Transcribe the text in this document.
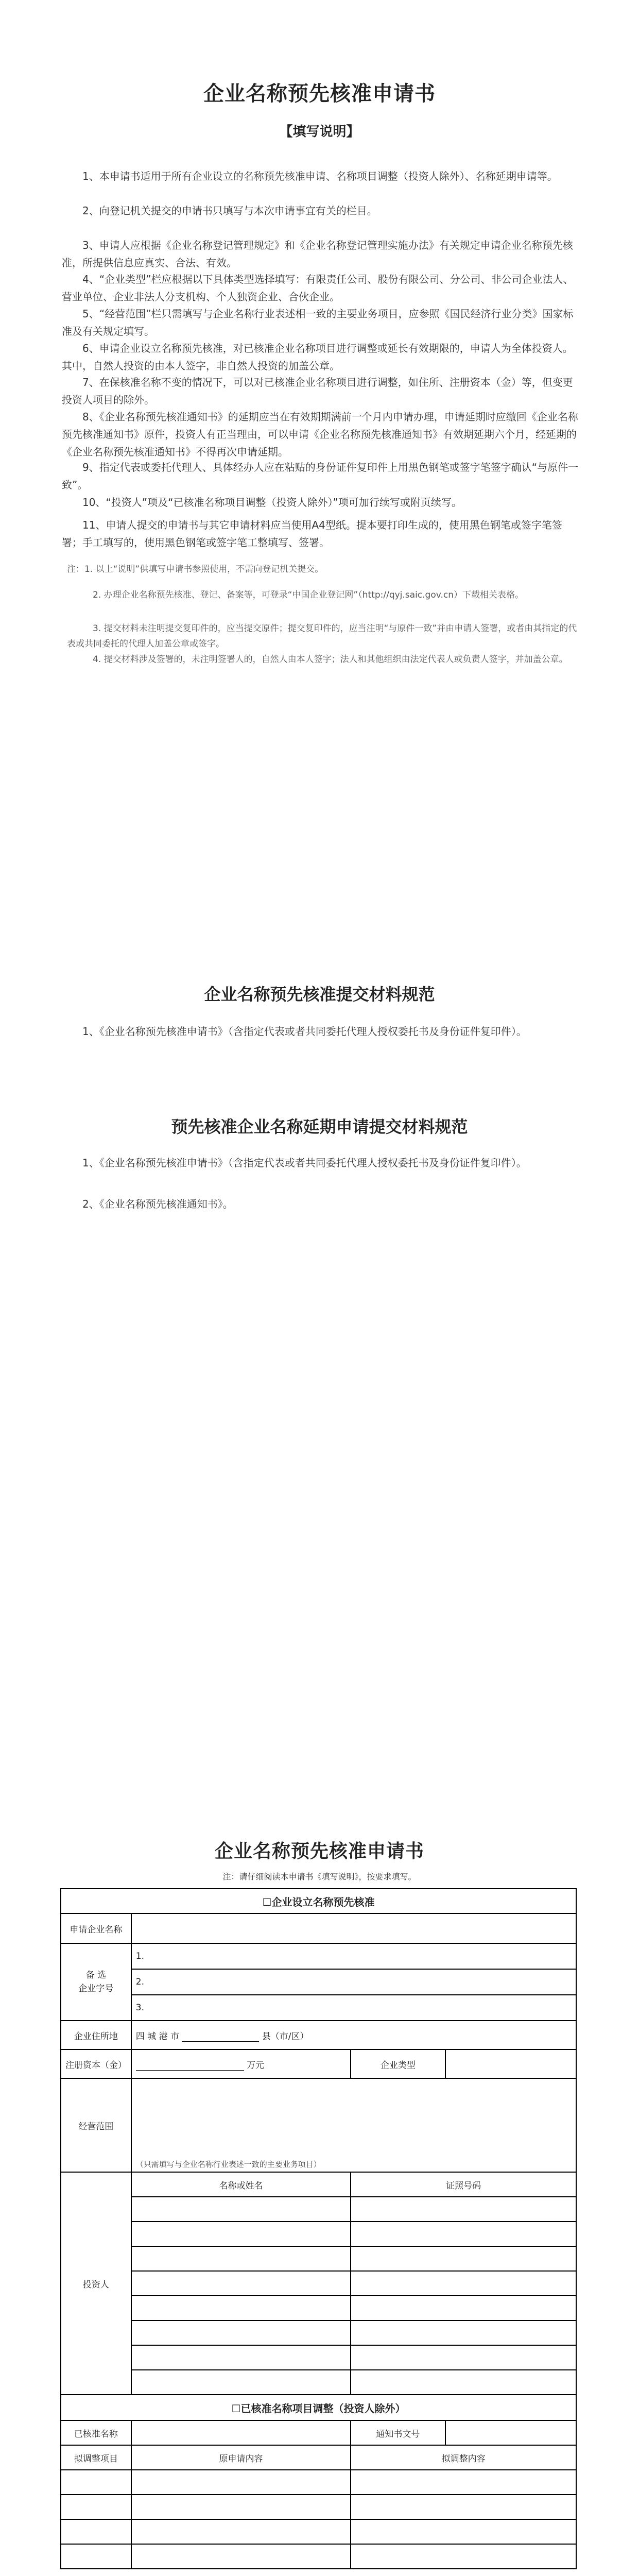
企业名称预先核准申请书
【填写说明】
1、本申请书适用于所有企业设立的名称预先核准申请、名称项目调整（投资人除外）、名称延期申请等。
2、向登记机关提交的申请书只填写与本次申请事宜有关的栏目。
3、申请人应根据《企业名称登记管理规定》和《企业名称登记管理实施办法》有关规定申请企业名称预先核准，所提供信息应真实、合法、有效。
4、“企业类型”栏应根据以下具体类型选择填写：有限责任公司、股份有限公司、分公司、非公司企业法人、营业单位、企业非法人分支机构、个人独资企业、合伙企业。
5、“经营范围”栏只需填写与企业名称行业表述相一致的主要业务项目，应参照《国民经济行业分类》国家标准及有关规定填写。
6、申请企业设立名称预先核准，对已核准企业名称项目进行调整或延长有效期限的，申请人为全体投资人。其中，自然人投资的由本人签字，非自然人投资的加盖公章。
7、在保核准名称不变的情况下，可以对已核准企业名称项目进行调整，如住所、注册资本（金）等，但变更投资人项目的除外。
8、《企业名称预先核准通知书》的延期应当在有效期期满前一个月内申请办理，申请延期时应缴回《企业名称预先核准通知书》原件，投资人有正当理由，可以申请《企业名称预先核准通知书》有效期延期六个月，经延期的《企业名称预先核准通知书》不得再次申请延期。
9、指定代表或委托代理人、具体经办人应在粘贴的身份证件复印件上用黑色钢笔或签字笔签字确认“与原件一致”。
10、“投资人”项及“已核准名称项目调整（投资人除外）”项可加行续写或附页续写。
11、申请人提交的申请书与其它申请材料应当使用A4型纸。提本要打印生成的，使用黑色钢笔或签字笔签署；手工填写的，使用黑色钢笔或签字笔工整填写、签署。
注：1. 以上“说明”供填写申请书参照使用，不需向登记机关提交。
2. 办理企业名称预先核准、登记、备案等，可登录“中国企业登记网”（http://qyj.saic.gov.cn）下载相关表格。
3. 提交材料未注明提交复印件的，应当提交原件；提交复印件的，应当注明“与原件一致”并由申请人签署，或者由其指定的代表或共同委托的代理人加盖公章或签字。
4. 提交材料涉及签署的，未注明签署人的，自然人由本人签字；法人和其他组织由法定代表人或负责人签字，并加盖公章。
企业名称预先核准提交材料规范
1、《企业名称预先核准申请书》（含指定代表或者共同委托代理人授权委托书及身份证件复印件）。
预先核准企业名称延期申请提交材料规范
1、《企业名称预先核准申请书》（含指定代表或者共同委托代理人授权委托书及身份证件复印件）。
2、《企业名称预先核准通知书》。
企业名称预先核准申请书
注：请仔细阅读本申请书《填写说明》，按要求填写。
☐企业设立名称预先核准			
申请企业名称			
备 选
企业字号	1.		
	2.		
	3.		
企业住所地	四 城 港 市 县（市/区）		
注册资本（金）	万元	企业类型	
经营范围	（只需填写与企业名称行业表述一致的主要业务项目）		
投资人	名称或姓名	证照号码	

☐已核准名称项目调整（投资人除外）			
已核准名称		通知书文号	
拟调整项目	原申请内容	拟调整内容	
